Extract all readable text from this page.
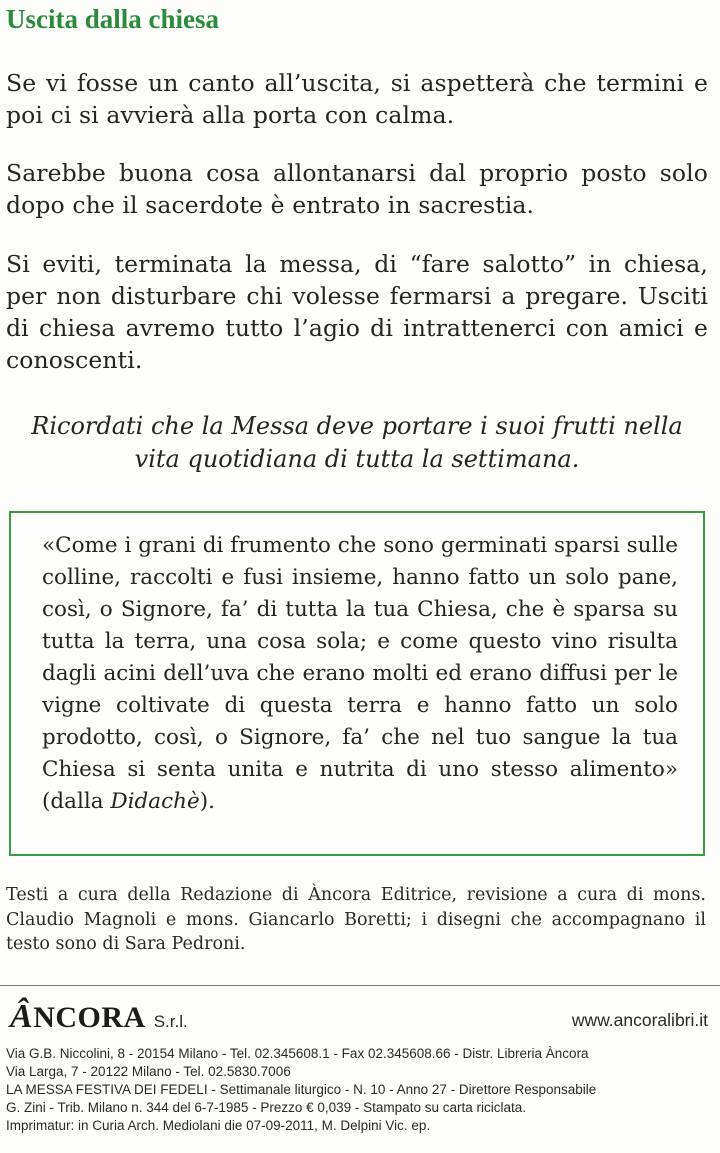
Uscita dalla chiesa

Se vi fosse un canto all’uscita, si aspetterà che termini e poi ci si avvierà alla porta con calma.

Sarebbe buona cosa allontanarsi dal proprio posto solo dopo che il sacerdote è entrato in sacrestia.

Si eviti, terminata la messa, di “fare salotto” in chiesa, per non disturbare chi volesse fermarsi a pregare. Usciti di chiesa avremo tutto l’agio di intrattenerci con amici e conoscenti.

Ricordati che la Messa deve portare i suoi frutti nella
vita quotidiana di tutta la settimana.

«Come i grani di frumento che sono germinati sparsi sulle colline, raccolti e fusi insieme, hanno fatto un solo pane, così, o Signore, fa’ di tutta la tua Chiesa, che è sparsa su tutta la terra, una cosa sola; e come questo vino risulta dagli acini dell’uva che erano molti ed erano diffusi per le vigne coltivate di questa terra e hanno fatto un solo prodotto, così, o Signore, fa’ che nel tuo sangue la tua Chiesa si senta unita e nutrita di uno stesso alimento» (dalla Didachè).

Testi a cura della Redazione di Àncora Editrice, revisione a cura di mons. Claudio Magnoli e mons. Giancarlo Boretti; i disegni che accompagnano il testo sono di Sara Pedroni.

ÂNCORA S.r.l.	www.ancoralibri.it
Via G.B. Niccolini, 8 - 20154 Milano - Tel. 02.345608.1 - Fax 02.345608.66 - Distr. Libreria Àncora
Via Larga, 7 - 20122 Milano - Tel. 02.5830.7006
LA MESSA FESTIVA DEI FEDELI - Settimanale liturgico - N. 10 - Anno 27 - Direttore Responsabile
G. Zini - Trib. Milano n. 344 del 6-7-1985 - Prezzo € 0,039 - Stampato su carta riciclata.
Imprimatur: in Curia Arch. Mediolani die 07-09-2011, M. Delpini Vic. ep.
